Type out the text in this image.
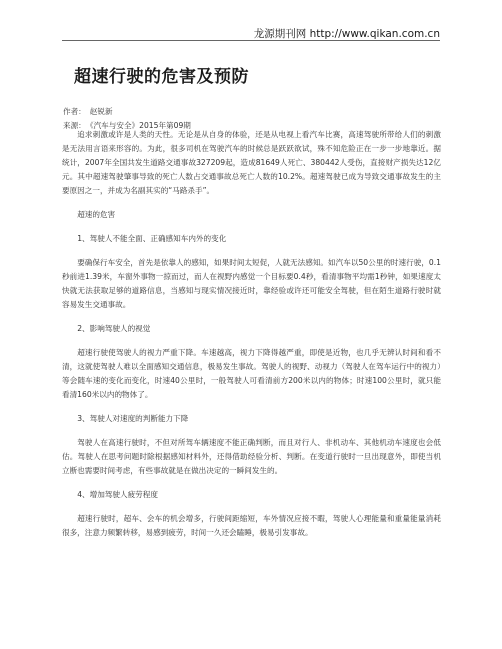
龙源期刊网 http://www.qikan.com.cn
超速行驶的危害及预防
作者： 赵锐新
来源： 《汽车与安全》2015年第09期

追求刺激或许是人类的天性。无论是从自身的体验，还是从电视上看汽车比赛，高速驾驶所带给人们的刺激是无法用言语来形容的。为此，很多司机在驾驶汽车的时候总是跃跃欲试，殊不知危险正在一步一步地靠近。据统计，2007年全国共发生道路交通事故327209起，造成81649人死亡、380442人受伤，直接财产损失达12亿元。其中超速驾驶肇事导致的死亡人数占交通事故总死亡人数的10.2%。超速驾驶已成为导致交通事故发生的主要原因之一，并成为名副其实的“马路杀手”。

超速的危害

1、驾驶人不能全面、正确感知车内外的变化

要确保行车安全，首先是依靠人的感知，如果时间太短促，人就无法感知。如汽车以50公里的时速行驶，0.1秒前进1.39米，车窗外事物一掠而过，而人在视野内感觉一个目标要0.4秒，看清事物平均需1秒钟，如果速度太快就无法获取足够的道路信息，当感知与现实情况接近时，靠经验或许还可能安全驾驶，但在陌生道路行驶时就容易发生交通事故。

2、影响驾驶人的视觉

超速行驶使驾驶人的视力严重下降。车速越高，视力下降得越严重，即使是近物，也几乎无辨认时间和看不清，这就使驾驶人难以全面感知交通信息，极易发生事故。驾驶人的视野、动视力（驾驶人在驾车运行中的视力）等会随车速的变化而变化，时速40公里时，一般驾驶人可看清前方200米以内的物体；时速100公里时，就只能看清160米以内的物体了。

3、驾驶人对速度的判断能力下降

驾驶人在高速行驶时，不但对所驾车辆速度不能正确判断，而且对行人、非机动车、其他机动车速度也会低估。驾驶人在思考问题时除根据感知材料外，还得借助经验分析、判断。在变道行驶时一旦出现意外，即使当机立断也需要时间考虑，有些事故就是在做出决定的一瞬间发生的。

4、增加驾驶人疲劳程度

超速行驶时，超车、会车的机会增多，行驶间距缩短，车外情况应接不暇，驾驶人心理能量和重量能量消耗很多，注意力频繁转移，易感到疲劳，时间一久还会瞌睡，极易引发事故。
